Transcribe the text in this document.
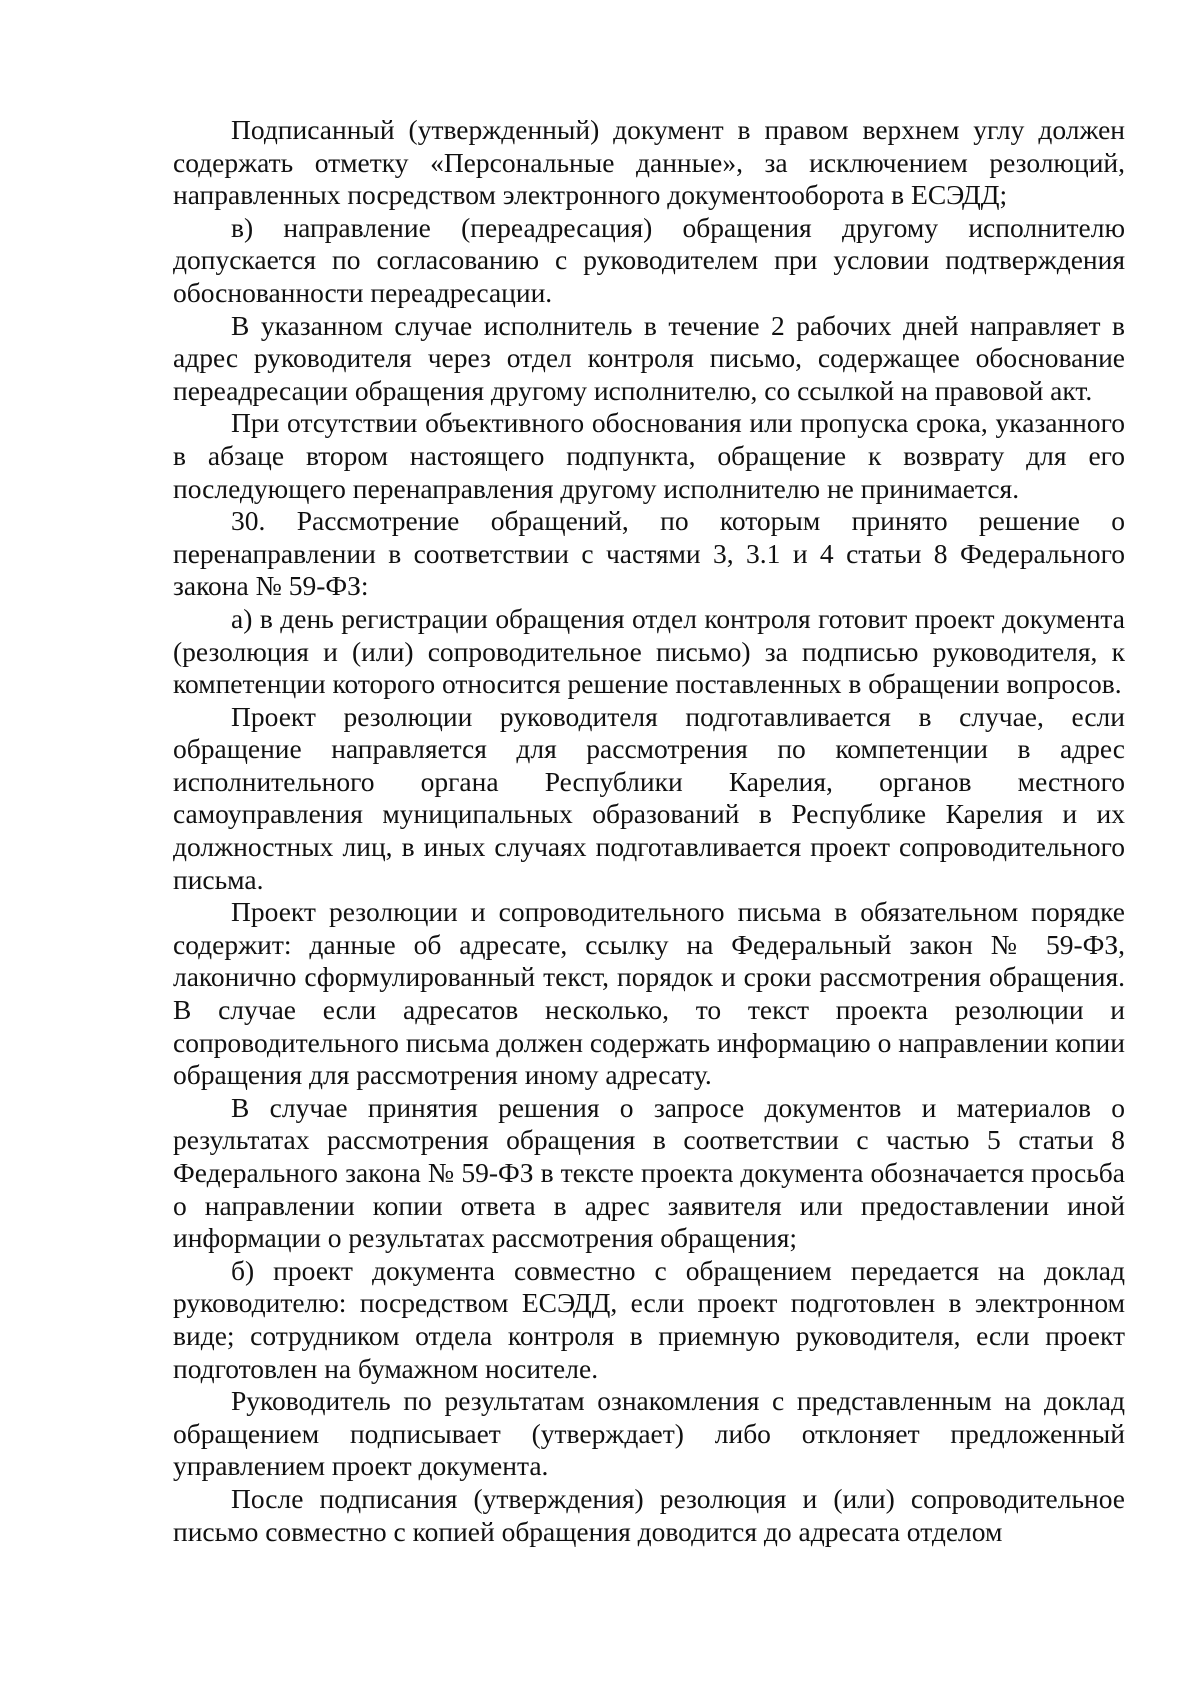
Подписанный (утвержденный) документ в правом верхнем углу должен содержать отметку «Персональные данные», за исключением резолюций, направленных посредством электронного документооборота в ЕСЭДД;

в) направление (переадресация) обращения другому исполнителю допускается по согласованию с руководителем при условии подтверждения обоснованности переадресации.

В указанном случае исполнитель в течение 2 рабочих дней направляет в адрес руководителя через отдел контроля письмо, содержащее обоснование переадресации обращения другому исполнителю, со ссылкой на правовой акт.

При отсутствии объективного обоснования или пропуска срока, указанного в абзаце втором настоящего подпункта, обращение к возврату для его последующего перенаправления другому исполнителю не принимается.

30. Рассмотрение обращений, по которым принято решение о перенаправлении в соответствии с частями 3, 3.1 и 4 статьи 8 Федерального закона № 59-ФЗ:

а) в день регистрации обращения отдел контроля готовит проект документа (резолюция и (или) сопроводительное письмо) за подписью руководителя, к компетенции которого относится решение поставленных в обращении вопросов.

Проект резолюции руководителя подготавливается в случае, если обращение направляется для рассмотрения по компетенции в адрес исполнительного органа Республики Карелия, органов местного самоуправления муниципальных образований в Республике Карелия и их должностных лиц, в иных случаях подготавливается проект сопроводительного письма.

Проект резолюции и сопроводительного письма в обязательном порядке содержит: данные об адресате, ссылку на Федеральный закон № 59-ФЗ, лаконично сформулированный текст, порядок и сроки рассмотрения обращения. В случае если адресатов несколько, то текст проекта резолюции и сопроводительного письма должен содержать информацию о направлении копии обращения для рассмотрения иному адресату.

В случае принятия решения о запросе документов и материалов о результатах рассмотрения обращения в соответствии с частью 5 статьи 8 Федерального закона № 59-ФЗ в тексте проекта документа обозначается просьба о направлении копии ответа в адрес заявителя или предоставлении иной информации о результатах рассмотрения обращения;

б) проект документа совместно с обращением передается на доклад руководителю: посредством ЕСЭДД, если проект подготовлен в электронном виде; сотрудником отдела контроля в приемную руководителя, если проект подготовлен на бумажном носителе.

Руководитель по результатам ознакомления с представленным на доклад обращением подписывает (утверждает) либо отклоняет предложенный управлением проект документа.

После подписания (утверждения) резолюция и (или) сопроводительное письмо совместно с копией обращения доводится до адресата отделом
